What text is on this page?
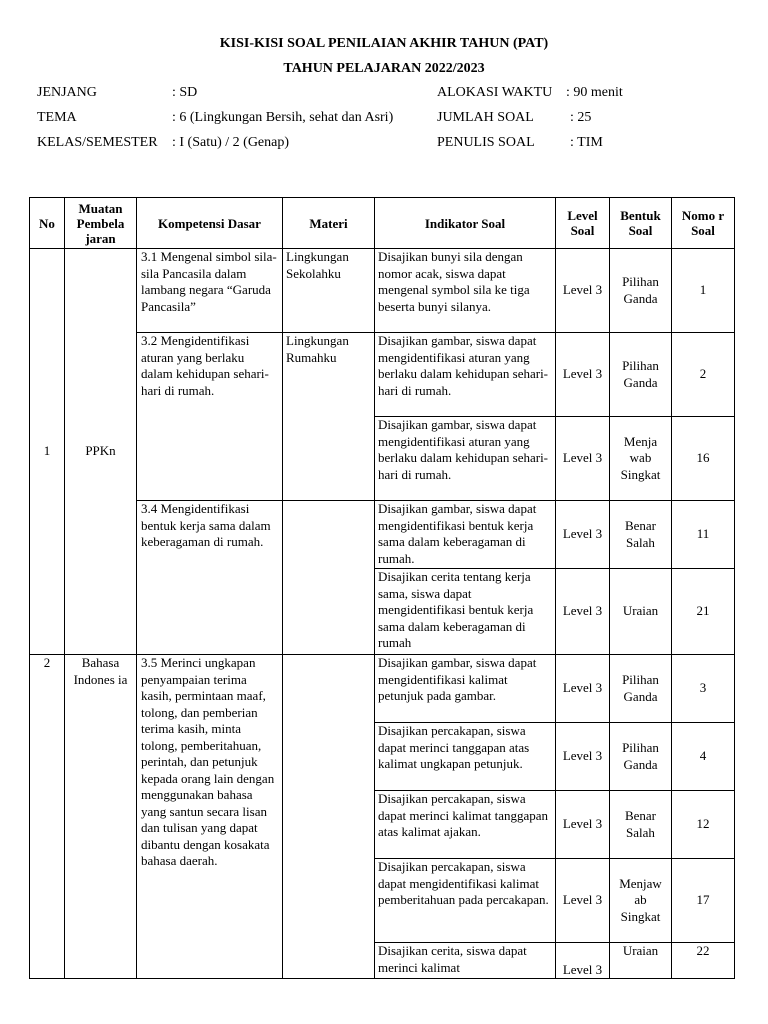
KISI-KISI SOAL PENILAIAN AKHIR TAHUN (PAT)
TAHUN PELAJARAN 2022/2023
JENJANG	: SD
TEMA	: 6 (Lingkungan Bersih, sehat dan Asri)
KELAS/SEMESTER : I (Satu) / 2 (Genap)
ALOKASI WAKTU : 90 menit
JUMLAH SOAL	: 25
PENULIS SOAL	: TIM
No	Muatan Pembela jaran	Kompetensi Dasar	Materi	Indikator Soal	Level Soal	Bentuk Soal	Nomo r Soal
1	PPKn	3.1 Mengenal simbol sila-sila Pancasila dalam lambang negara “Garuda Pancasila”	Lingkungan Sekolahku	Disajikan bunyi sila dengan nomor acak, siswa dapat mengenal symbol sila ke tiga beserta bunyi silanya.	Level 3	Pilihan Ganda	1
		3.2 Mengidentifikasi aturan yang berlaku dalam kehidupan sehari-hari di rumah.	Lingkungan Rumahku	Disajikan gambar, siswa dapat mengidentifikasi aturan yang berlaku dalam kehidupan sehari-hari di rumah.	Level 3	Pilihan Ganda	2
				Disajikan gambar, siswa dapat mengidentifikasi aturan yang berlaku dalam kehidupan sehari-hari di rumah.	Level 3	Menja wab Singkat	16
		3.4 Mengidentifikasi bentuk kerja sama dalam keberagaman di rumah.		Disajikan gambar, siswa dapat mengidentifikasi bentuk kerja sama dalam keberagaman di rumah.	Level 3	Benar Salah	11
				Disajikan cerita tentang kerja sama, siswa dapat mengidentifikasi bentuk kerja sama dalam keberagaman di rumah	Level 3	Uraian	21
2	Bahasa Indones ia	3.5 Merinci ungkapan penyampaian terima kasih, permintaan maaf, tolong, dan pemberian terima kasih, minta tolong, pemberitahuan, perintah, dan petunjuk kepada orang lain dengan menggunakan bahasa yang santun secara lisan dan tulisan yang dapat dibantu dengan kosakata bahasa daerah.		Disajikan gambar, siswa dapat mengidentifikasi kalimat petunjuk pada gambar.	Level 3	Pilihan Ganda	3
				Disajikan percakapan, siswa dapat merinci tanggapan atas kalimat ungkapan petunjuk.	Level 3	Pilihan Ganda	4
				Disajikan percakapan, siswa dapat merinci kalimat tanggapan atas kalimat ajakan.	Level 3	Benar Salah	12
				Disajikan percakapan, siswa dapat mengidentifikasi kalimat pemberitahuan pada percakapan.	Level 3	Menjaw ab Singkat	17
				Disajikan cerita, siswa dapat merinci kalimat	Level 3	Uraian	22
